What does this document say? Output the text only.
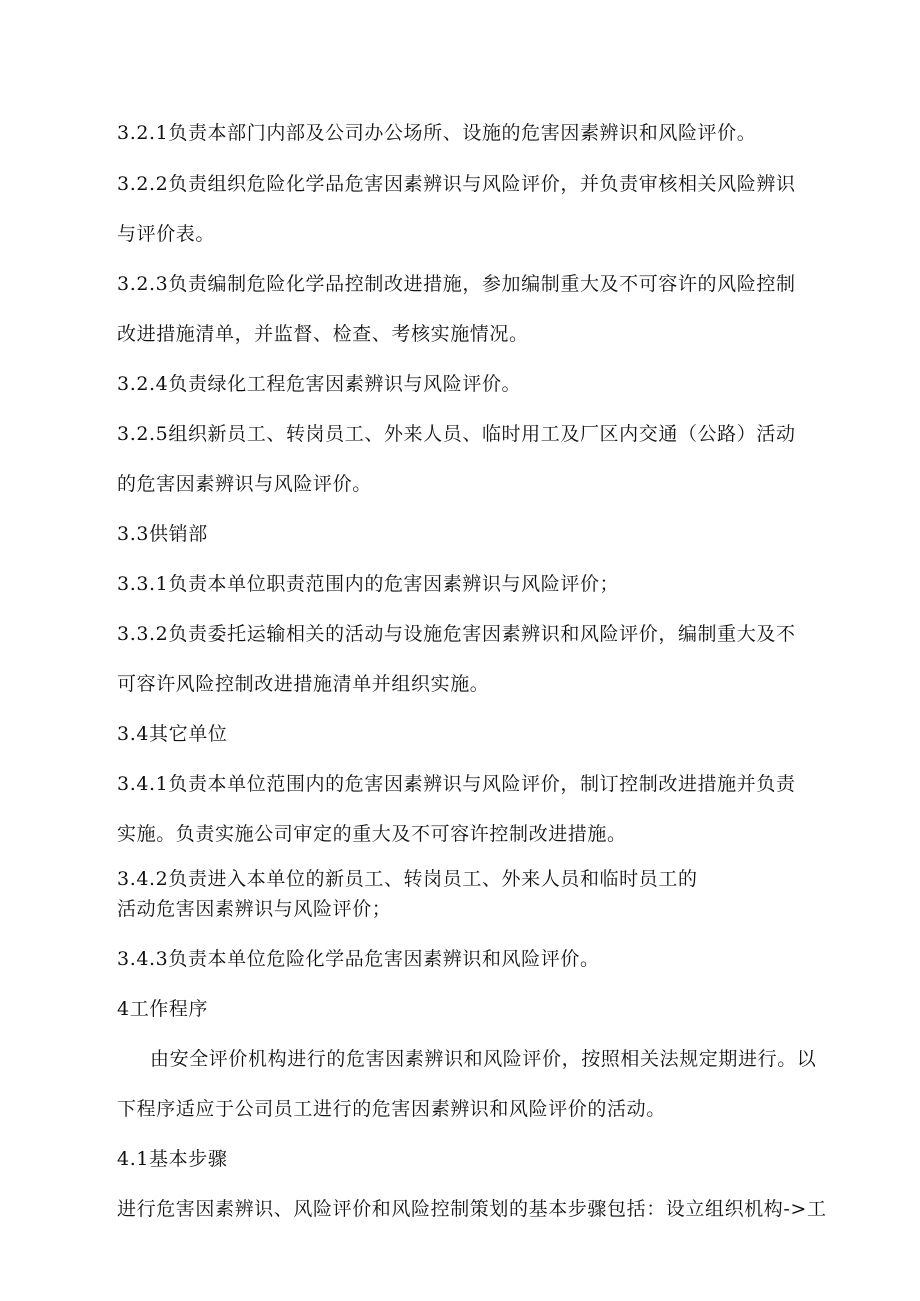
3.2.1负责本部门内部及公司办公场所、设施的危害因素辨识和风险评价。
3.2.2负责组织危险化学品危害因素辨识与风险评价，并负责审核相关风险辨识
与评价表。
3.2.3负责编制危险化学品控制改进措施，参加编制重大及不可容许的风险控制
改进措施清单，并监督、检查、考核实施情况。
3.2.4负责绿化工程危害因素辨识与风险评价。
3.2.5组织新员工、转岗员工、外来人员、临时用工及厂区内交通（公路）活动
的危害因素辨识与风险评价。
3.3供销部
3.3.1负责本单位职责范围内的危害因素辨识与风险评价；
3.3.2负责委托运输相关的活动与设施危害因素辨识和风险评价，编制重大及不
可容许风险控制改进措施清单并组织实施。
3.4其它单位
3.4.1负责本单位范围内的危害因素辨识与风险评价，制订控制改进措施并负责
实施。负责实施公司审定的重大及不可容许控制改进措施。
3.4.2负责进入本单位的新员工、转岗员工、外来人员和临时员工的
活动危害因素辨识与风险评价；
3.4.3负责本单位危险化学品危害因素辨识和风险评价。
4工作程序
由安全评价机构进行的危害因素辨识和风险评价，按照相关法规定期进行。以
下程序适应于公司员工进行的危害因素辨识和风险评价的活动。
4.1基本步骤
进行危害因素辨识、风险评价和风险控制策划的基本步骤包括：设立组织机构->工
